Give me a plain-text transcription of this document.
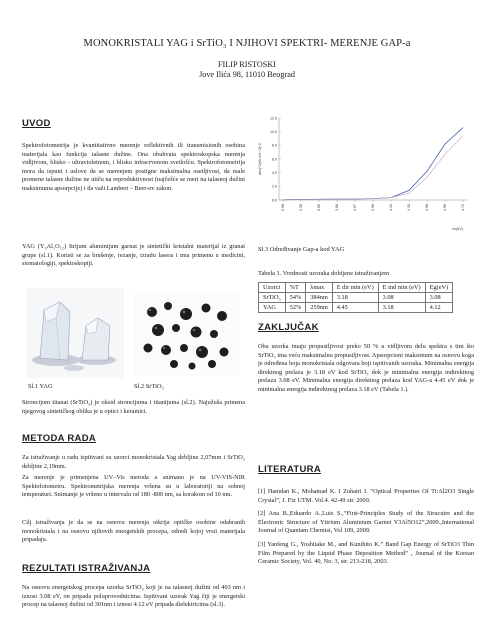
MONOKRISTALI YAG i SrTiO₃ I NJIHOVI SPEKTRI- MERENJE GAP-a
FILIP RISTOSKI
Jove Ilića 98, 11010 Beograd
UVOD

Spektrofotometrija je kvantitativno merenje reflektivnih ili transmisionih osobina materijala kao funkcija talasne dužine. Ona obuhvata spektroskopska merenja vidljivom, blisko - ultravioletnom, i blisko infracrvenom svetlošću. Spektrofotometrija mora da ispuni i uslove da se merenjem postigne maksimalna osetljivost, da male promene talasne dužine ne utiču na reproduktivnost (najčešće se meri na talasnoj dužini maksimuma apsorpcije) i da važi Lambert – Beer-ov zakon.

YAG (Y₃Al₅O₁₂) Itrijum aluminijum garnat je sintetički kristalni materijal iz granat grupe (sl.1). Koristi se za brušenje, rezanje, izradu lasera i ima primenu u medicini, stomatologiji, spektoskopiji.

Sl.1 YAG	Sl.2 SrTiO₃

Stroncijum titanat (SrTiO₃) je oksid stroncijuma i titanijuma (sl.2). Najužuša primena njegovog sintetičkog oblika je u optici i keramici.

METODA RADA

Za istraživanje u radu ispitivani su uzorci monokristala Yag debljine 2,07mm i SrTiO₃ debljine 2,19mm.

Za merenje je primenjena UV–Vis metoda a snimano je na UV-VIS-NIR Spektofotometru. Spektrometrijska merenja vršena su u laboratoriji na sobnoj temperaturi. Snimanje je vršeno u intervalu od 180 -800 nm, sa korakom od 10 nm.

Cilj istraživanja je da se na osnovu merenja otkrija optičke osobine odabranih monokristala i na osnovu njihovih energetskih procepa, odredi kojoj vrsti materijala pripadaju.

REZULTATI ISTRAŽIVANJA

Na osnovu energetskog procepa uzorka SrTiO₃ koji je na talasnoj dužini od 403 nm i iznosi 3.08 eV, on pripada poluprovodnicima. Ispitivani uzorak Yag čiji je energetski procep na talasnoj dužini od 301nm i iznosi 4.12 eV pripada dielektricima (sl.3).

ahv)^2(eV cm^-1)^2
12.0
10.0
8.0
6.0
4.0
2.0
0.0
3.06	3.35	3.65	3.86	4.07	3.99	4.12	4.15	4.08	4.55	4.72
hv(eV)
Sl.3 Određivanje Gap-a kod YAG
Tabela 1. Vrednosti uzoraka dobijene istraživanjem
Uzorci	%T	λmax	E dir min (eV)	E ind min (eV)	Eg(eV)
SrTiO₃	54%	384nm	3.18	3.08	3.08
YAG	52%	259nm	4.45	3.18	4.12
ZAKLJUČAK

Oba uzorka imaju propustljivost preko 50 % u vidljivom delu spektra s tim što SrTiO₃ ima veću maksimalnu propustljivost. Apsorpcioni maksimum na osnovu koga je određena boja monokristala odgovara boji ispitivanih uzoraka. Minimalna energija direktnog prelaza je 3.18 eV kod SrTiO₃ dok je minimalna energija indirektnog prelaza 3.08 eV. Minimalna energija direktnog prelaza kod YAG-a 4.45 eV dok je minimalna energija indirektnog prelaza 3.18 eV (Tabela 1.).

LITERATURA

[1] Hamdan K., Mohamad K. I Zuhairi I. “Optical Properties Of Ti:Al2O3 Single Crystal”, J. Fiz UTM. Vol.4. 42-49 str. 2009.

[2] Ana B.,Eduardo A.,Luis S.,“First-Principles Study of the Strucutre and the Electronic Structure of Yttrium Aluminium Garnet Y3Al5O12”,2009.,International Journal of Quantam Chemist, Vol 109, 2009.

[3] Yanfeng G., Yoshitake M., and Kunihito K.” Band Gap Energy of SrTiO3 Thin Film Prepared by the Liquid Phase Deposition Method” , Journal of the Korean Ceramic Society, Vol. 40, No. 3, str. 213-218, 2003.
